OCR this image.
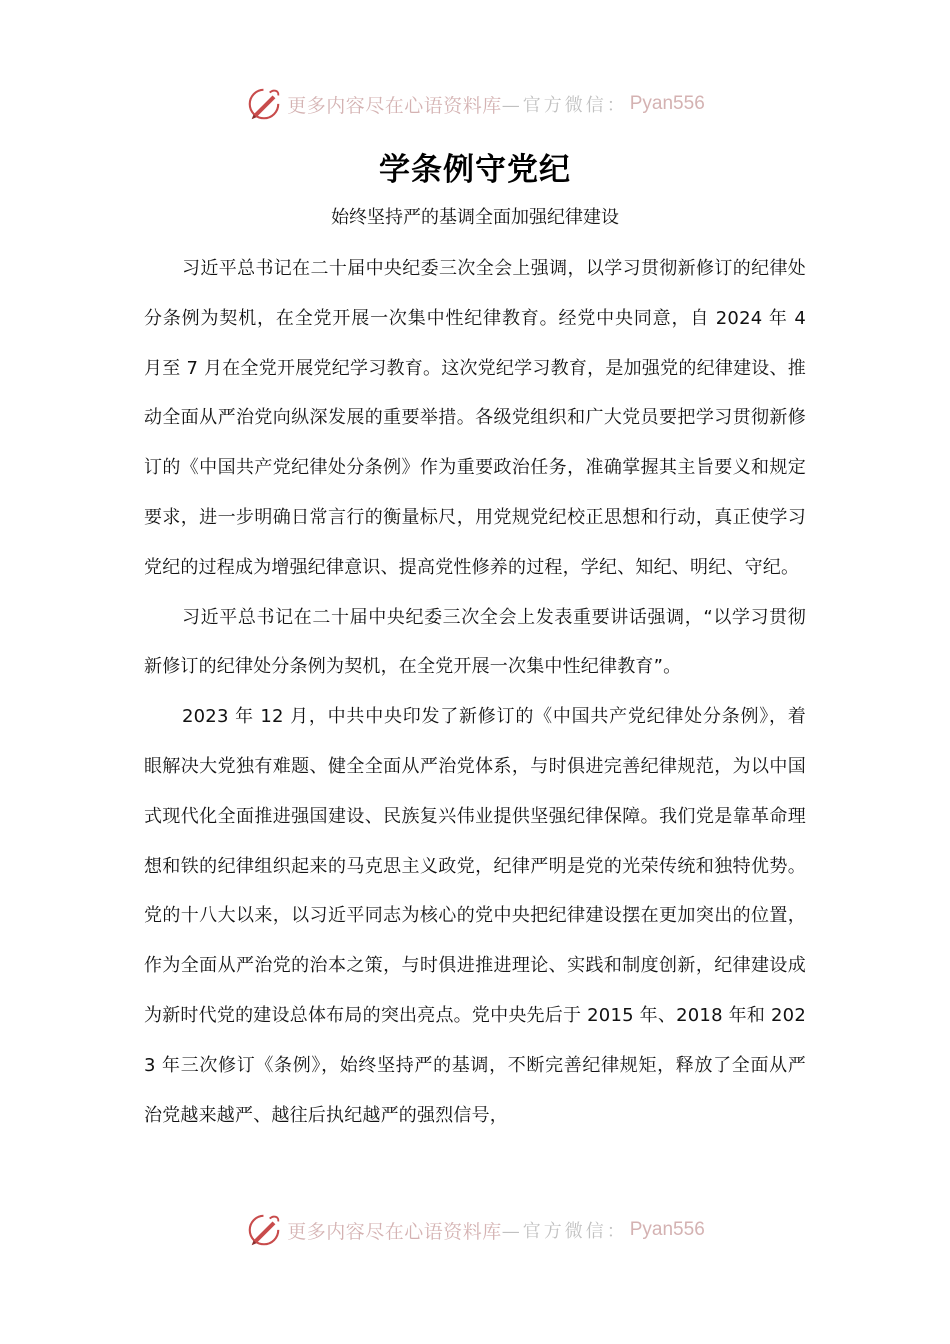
更多内容尽在心语资料库 —官方微信： Pyan556
学条例守党纪
始终坚持严的基调全面加强纪律建设

习近平总书记在二十届中央纪委三次全会上强调，以学习贯彻新修订的纪律处分条例为契机，在全党开展一次集中性纪律教育。经党中央同意，自 2024 年 4 月至 7 月在全党开展党纪学习教育。这次党纪学习教育，是加强党的纪律建设、推动全面从严治党向纵深发展的重要举措。各级党组织和广大党员要把学习贯彻新修订的《中国共产党纪律处分条例》作为重要政治任务，准确掌握其主旨要义和规定要求，进一步明确日常言行的衡量标尺，用党规党纪校正思想和行动，真正使学习党纪的过程成为增强纪律意识、提高党性修养的过程，学纪、知纪、明纪、守纪。

习近平总书记在二十届中央纪委三次全会上发表重要讲话强调，“以学习贯彻新修订的纪律处分条例为契机，在全党开展一次集中性纪律教育”。

2023 年 12 月，中共中央印发了新修订的《中国共产党纪律处分条例》，着眼解决大党独有难题、健全全面从严治党体系，与时俱进完善纪律规范，为以中国式现代化全面推进强国建设、民族复兴伟业提供坚强纪律保障。我们党是靠革命理想和铁的纪律组织起来的马克思主义政党，纪律严明是党的光荣传统和独特优势。党的十八大以来，以习近平同志为核心的党中央把纪律建设摆在更加突出的位置，作为全面从严治党的治本之策，与时俱进推进理论、实践和制度创新，纪律建设成为新时代党的建设总体布局的突出亮点。党中央先后于 2015 年、2018 年和 2023 年三次修订《条例》，始终坚持严的基调，不断完善纪律规矩，释放了全面从严治党越来越严、越往后执纪越严的强烈信号，

更多内容尽在心语资料库 —官方微信： Pyan556
